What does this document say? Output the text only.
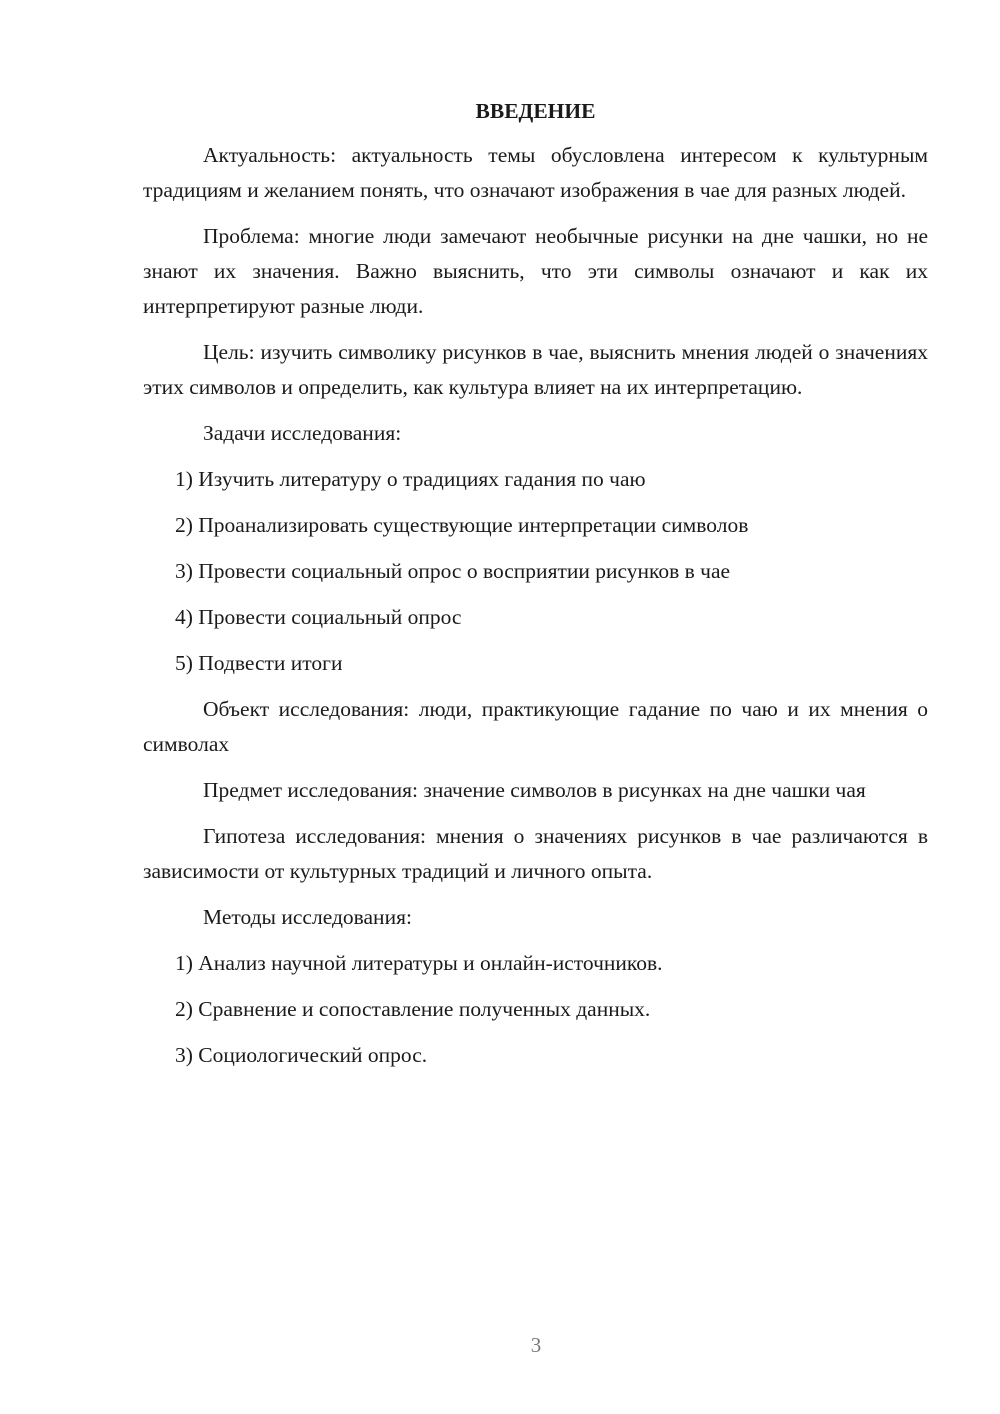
ВВЕДЕНИЕ

Актуальность: актуальность темы обусловлена интересом к культурным традициям и желанием понять, что означают изображения в чае для разных людей.

Проблема: многие люди замечают необычные рисунки на дне чашки, но не знают их значения. Важно выяснить, что эти символы означают и как их интерпретируют разные люди.

Цель: изучить символику рисунков в чае, выяснить мнения людей о значениях этих символов и определить, как культура влияет на их интерпретацию.

Задачи исследования:
1) Изучить литературу о традициях гадания по чаю
2) Проанализировать существующие интерпретации символов
3) Провести социальный опрос о восприятии рисунков в чае
4) Провести социальный опрос
5) Подвести итоги

Объект исследования: люди, практикующие гадание по чаю и их мнения о символах

Предмет исследования: значение символов в рисунках на дне чашки чая

Гипотеза исследования: мнения о значениях рисунков в чае различаются в зависимости от культурных традиций и личного опыта.

Методы исследования:
1) Анализ научной литературы и онлайн-источников.
2) Сравнение и сопоставление полученных данных.
3) Социологический опрос.
3
